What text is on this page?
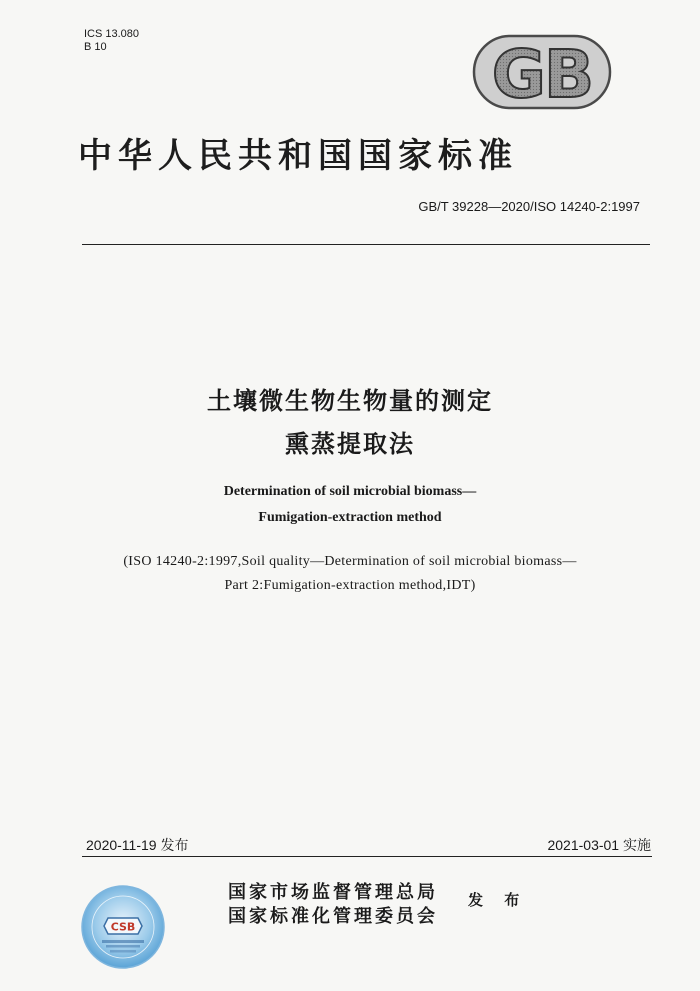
ICS 13.080
B 10	GB
中华人民共和国国家标准
GB/T 39228—2020/ISO 14240-2:1997
土壤微生物生物量的测定
熏蒸提取法
Determination of soil microbial biomass—
Fumigation-extraction method
(ISO 14240-2:1997,Soil quality—Determination of soil microbial biomass—
Part 2:Fumigation-extraction method,IDT)
2020-11-19 发布	2021-03-01 实施
CSB
国家市场监督管理总局
国家标准化管理委员会
发 布
